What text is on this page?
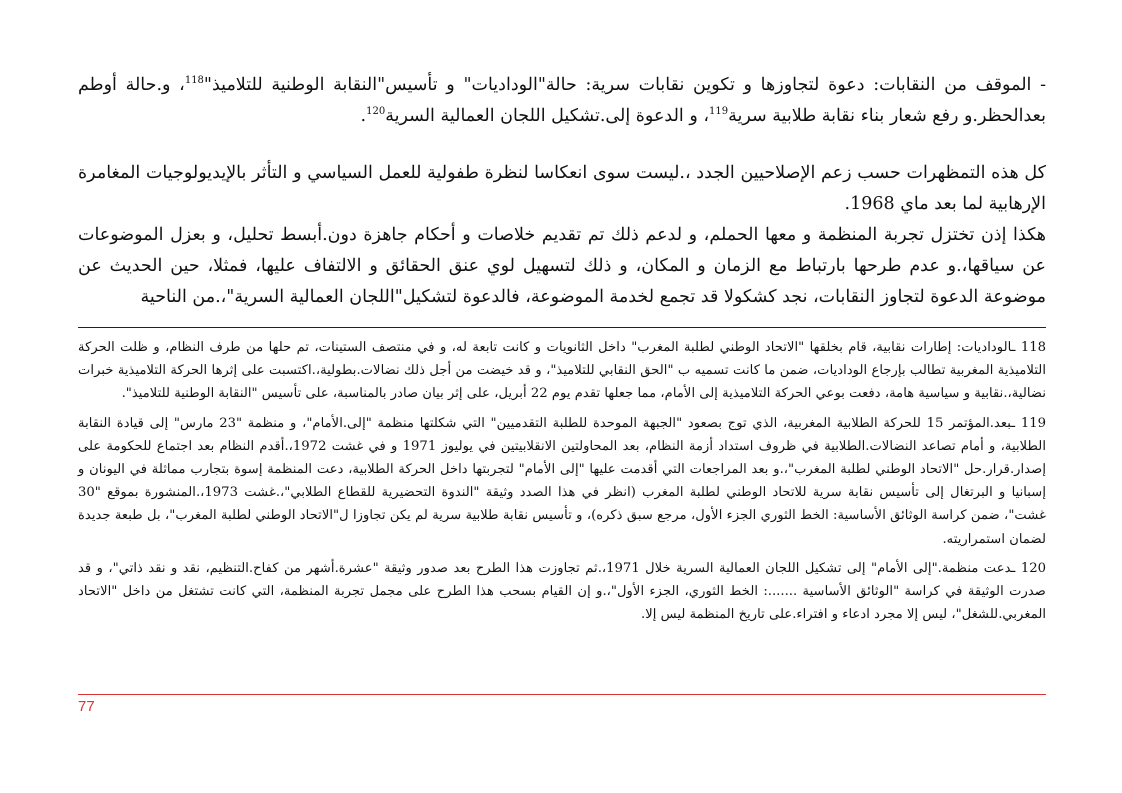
- الموقف من النقابات: دعوة لتجاوزها و تكوين نقابات سرية: حالة"الوداديات" و تأسيس"النقابة الوطنية للتلاميذ"$^{118}$، و.حالة أوطم بعدالحظر.و رفع شعار بناء نقابة طلابية سرية$^{119}$، و الدعوة إلى.تشكيل اللجان العمالية السرية$^{120}$.

كل هذه التمظهرات حسب زعم الإصلاحيين الجدد ،.ليست سوى انعكاسا لنظرة طفولية للعمل السياسي و التأثر بالإيديولوجيات المغامرة الإرهابية لما بعد ماي 1968.

هكذا إذن تختزل تجربة المنظمة و معها الحملم، و لدعم ذلك تم تقديم خلاصات و أحكام جاهزة دون.أبسط تحليل، و بعزل الموضوعات عن سياقها،.و عدم طرحها بارتباط مع الزمان و المكان، و ذلك لتسهيل لوي عنق الحقائق و الالتفاف عليها، فمثلا، حين الحديث عن موضوعة الدعوة لتجاوز النقابات، نجد كشكولا قد تجمع لخدمة الموضوعة، فالدعوة لتشكيل"اللجان العمالية السرية"،.من الناحية

118 ـالوداديات: إطارات نقابية، قام بخلقها "الاتحاد الوطني لطلبة المغرب" داخل الثانويات و كانت تابعة له، و في منتصف الستينات، تم حلها من طرف النظام، و ظلت الحركة التلاميذية المغربية تطالب بإرجاع الوداديات، ضمن ما كانت تسميه ب "الحق النقابي للتلاميذ"، و قد خيضت من أجل ذلك نضالات.بطولية،.اكتسبت على إثرها الحركة التلاميذية خبرات نضالية،.نقابية و سياسية هامة، دفعت بوعي الحركة التلاميذية إلى الأمام، مما جعلها تقدم يوم 22 أبريل، على إثر بيان صادر بالمناسبة، على تأسيس "النقابة الوطنية للتلاميذ".

119 ـبعد.المؤتمر 15 للحركة الطلابية المغربية، الذي توج بصعود "الجبهة الموحدة للطلبة التقدميين" التي شكلتها منظمة "إلى.الأمام"، و منظمة "23 مارس" إلى قيادة النقابة الطلابية، و أمام تصاعد النضالات.الطلابية في ظروف استداد أزمة النظام، بعد المحاولتين الانقلابيتين في يوليوز 1971 و في غشت 1972،.أقدم النظام بعد اجتماع للحكومة على إصدار.قرار.حل "الاتحاد الوطني لطلبة المغرب"،.و بعد المراجعات التي أقدمت عليها "إلى الأمام" لتجربتها داخل الحركة الطلابية، دعت المنظمة إسوة بتجارب مماثلة في اليونان و إسبانيا و البرتغال إلى تأسيس نقابة سرية للاتحاد الوطني لطلبة المغرب (انظر في هذا الصدد وثيقة "الندوة التحضيرية للقطاع الطلابي"،.غشت 1973،.المنشورة بموقع "30 غشت"، ضمن كراسة الوثائق الأساسية: الخط الثوري الجزء الأول، مرجع سبق ذكره)، و تأسيس نقابة طلابية سرية لم يكن تجاوزا ل"الاتحاد الوطني لطلبة المغرب"، بل طبعة جديدة لضمان استمراريته.

120 ـدعت منظمة."إلى الأمام" إلى تشكيل اللجان العمالية السرية خلال 1971،.ثم تجاوزت هذا الطرح بعد صدور وثيقة "عشرة.أشهر من كفاح.التنظيم، نقد و نقد ذاتي"، و قد صدرت الوثيقة في كراسة "الوثائق الأساسية .......: الخط الثوري، الجزء الأول"،.و إن القيام بسحب هذا الطرح على مجمل تجربة المنظمة، التي كانت تشتغل من داخل "الاتحاد المغربي.للشغل"، ليس إلا مجرد ادعاء و افتراء.على تاريخ المنظمة ليس إلا.

77
